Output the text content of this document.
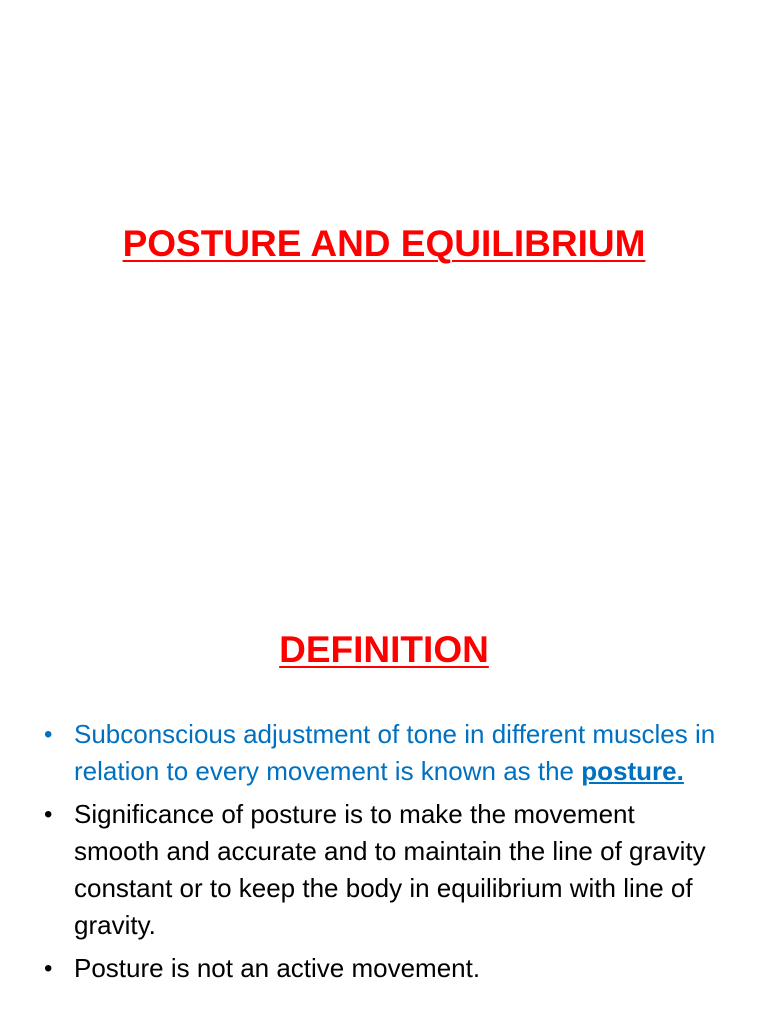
POSTURE AND EQUILIBRIUM
DEFINITION
• Subconscious adjustment of tone in different muscles in relation to every movement is known as the posture.
• Significance of posture is to make the movement smooth and accurate and to maintain the line of gravity constant or to keep the body in equilibrium with line of gravity.
• Posture is not an active movement.
